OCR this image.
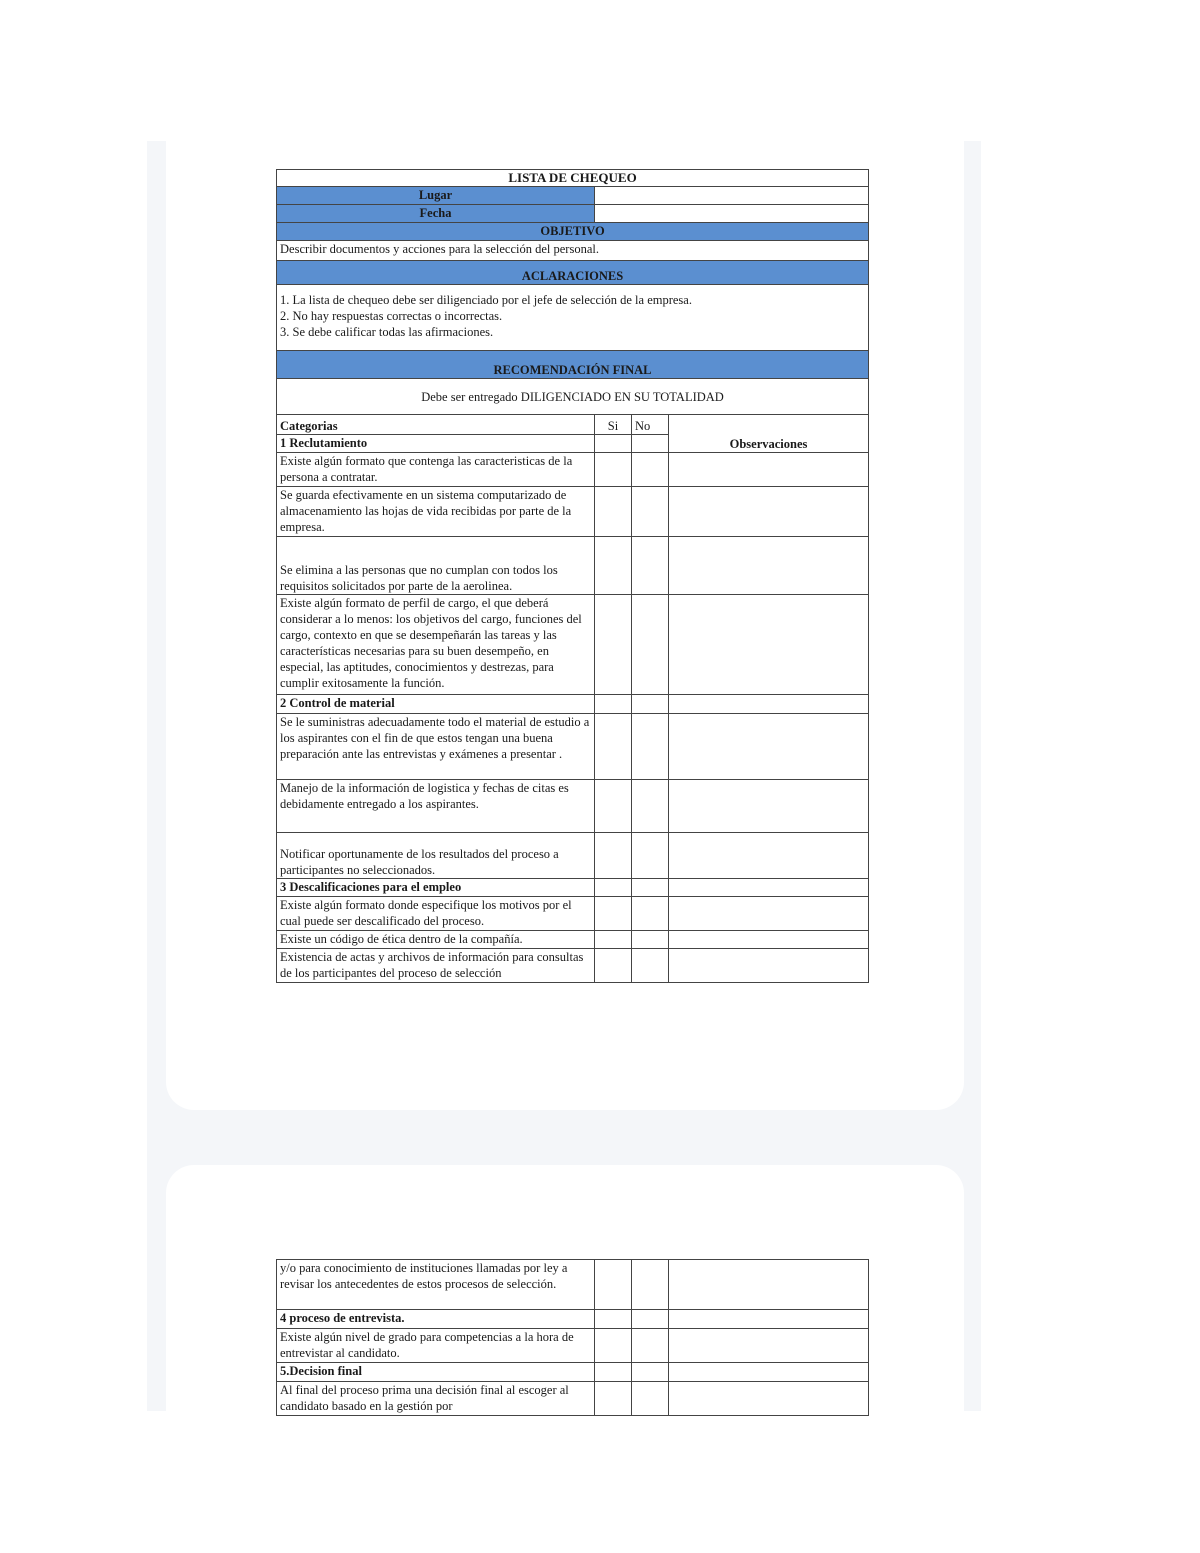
LISTA DE CHEQUEO			
Lugar			
Fecha			
OBJETIVO			
Describir documentos y acciones para la selección del personal.			
ACLARACIONES			

1. La lista de chequeo debe ser diligenciado por el jefe de selección de la empresa.
2. No hay respuestas correctas o incorrectas.
3. Se debe calificar todas las afirmaciones.			

RECOMENDACIÓN FINAL			
Debe ser entregado DILIGENCIADO EN SU TOTALIDAD			
Categorias	Si	No	Observaciones
1 Reclutamiento			
Existe algún formato que contenga las caracteristicas de la persona a contratar.			
Se guarda efectivamente en un sistema computarizado de almacenamiento las hojas de vida recibidas por parte de la empresa.			
Se elimina a las personas que no cumplan con todos los requisitos solicitados por parte de la aerolinea.			
Existe algún formato de perfil de cargo, el que deberá considerar a lo menos: los objetivos del cargo, funciones del cargo, contexto en que se desempeñarán las tareas y las características necesarias para su buen desempeño, en especial, las aptitudes, conocimientos y destrezas, para cumplir exitosamente la función.			
2 Control de material			
Se le suministras adecuadamente todo el material de estudio a los aspirantes con el fin de que estos tengan una buena preparación ante las entrevistas y exámenes a presentar .			
Manejo de la información de logistica y fechas de citas es debidamente entregado a los aspirantes.			
Notificar oportunamente de los resultados del proceso a participantes no seleccionados.			
3 Descalificaciones para el empleo			
Existe algún formato donde especifique los motivos por el cual puede ser descalificado del proceso.			
Existe un código de ética dentro de la compañía.			
Existencia de actas y archivos de información para consultas de los participantes del proceso de selección			
y/o para conocimiento de instituciones llamadas por ley a revisar los antecedentes de estos procesos de selección.			
4 proceso de entrevista.			
Existe algún nivel de grado para competencias a la hora de entrevistar al candidato.			
5.Decision final			
Al final del proceso prima una decisión final al escoger al candidato basado en la gestión por			
